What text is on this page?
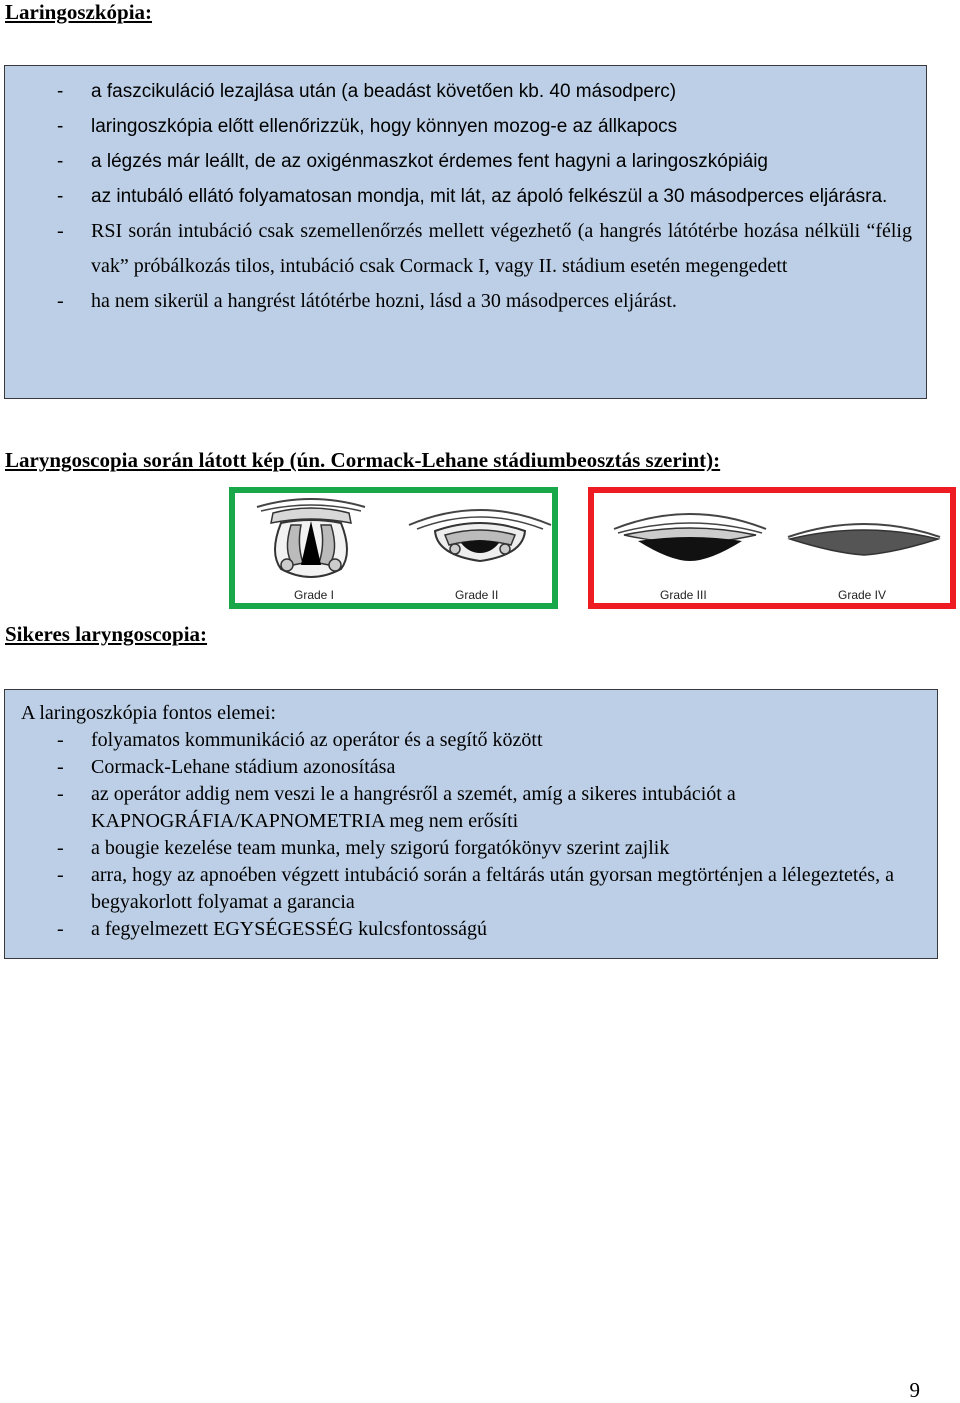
Laringoszkópia:
- a faszcikuláció lezajlása után (a beadást követően kb. 40 másodperc)
- laringoszkópia előtt ellenőrizzük, hogy könnyen mozog-e az állkapocs
- a légzés már leállt, de az oxigénmaszkot érdemes fent hagyni a laringoszkópiáig
- az intubáló ellátó folyamatosan mondja, mit lát, az ápoló felkészül a 30 másodperces eljárásra.
- RSI során intubáció csak szemellenőrzés mellett végezhető (a hangrés látótérbe hozása nélküli “félig vak” próbálkozás tilos, intubáció csak Cormack I, vagy II. stádium esetén megengedett
- ha nem sikerül a hangrést látótérbe hozni, lásd a 30 másodperces eljárást.
Laryngoscopia során látott kép (ún. Cormack-Lehane stádiumbeosztás szerint):
Grade I	Grade II	Grade III	Grade IV
Sikeres laryngoscopia:
A laringoszkópia fontos elemei:
- folyamatos kommunikáció az operátor és a segítő között
- Cormack-Lehane stádium azonosítása
- az operátor addig nem veszi le a hangrésről a szemét, amíg a sikeres intubációt a KAPNOGRÁFIA/KAPNOMETRIA meg nem erősíti
- a bougie kezelése team munka, mely szigorú forgatókönyv szerint zajlik
- arra, hogy az apnoében végzett intubáció során a feltárás után gyorsan megtörténjen a lélegeztetés, a begyakorlott folyamat a garancia
- a fegyelmezett EGYSÉGESSÉG kulcsfontosságú
9
